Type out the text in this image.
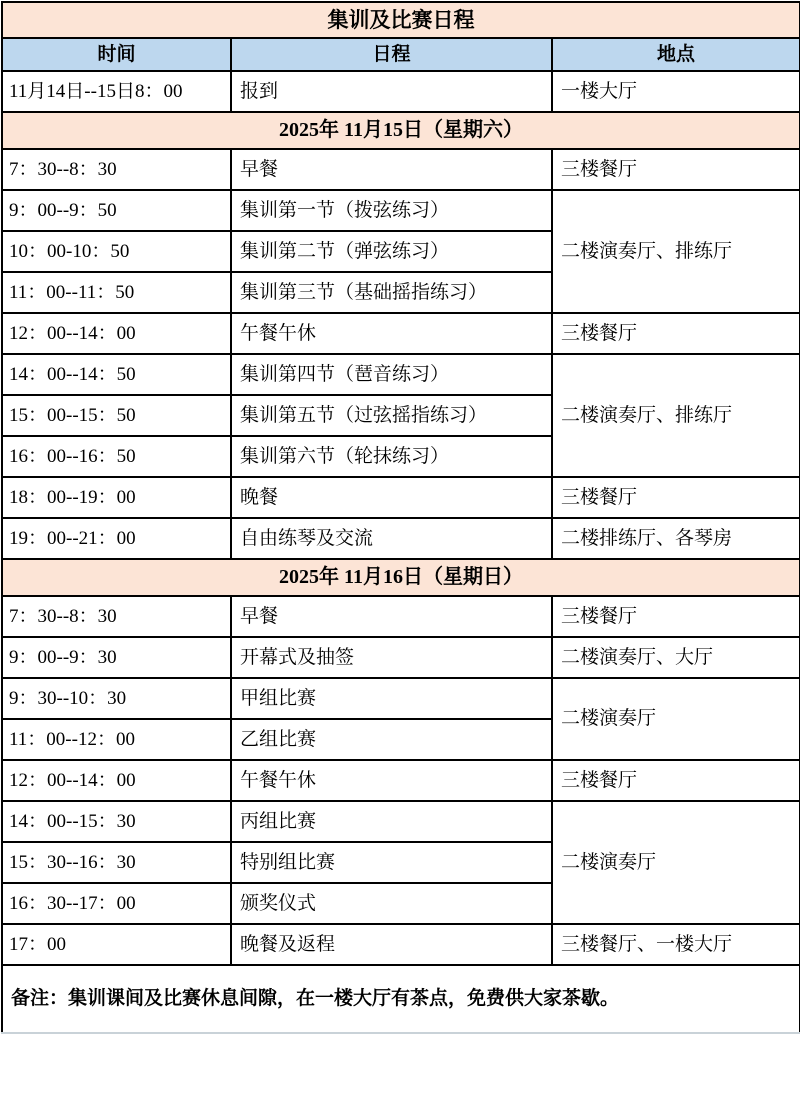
集训及比赛日程		
时间	日程	地点
11月14日--15日8：00	报到	一楼大厅
2025年 11月15日（星期六）		
7：30--8：30	早餐	三楼餐厅
9：00--9：50	集训第一节（拨弦练习）	二楼演奏厅、排练厅
10：00-10：50	集训第二节（弹弦练习）	
11：00--11：50	集训第三节（基础摇指练习）	
12：00--14：00	午餐午休	三楼餐厅
14：00--14：50	集训第四节（琶音练习）	二楼演奏厅、排练厅
15：00--15：50	集训第五节（过弦摇指练习）	
16：00--16：50	集训第六节（轮抹练习）	
18：00--19：00	晚餐	三楼餐厅
19：00--21：00	自由练琴及交流	二楼排练厅、各琴房
2025年 11月16日（星期日）		
7：30--8：30	早餐	三楼餐厅
9：00--9：30	开幕式及抽签	二楼演奏厅、大厅
9：30--10：30	甲组比赛	二楼演奏厅
11：00--12：00	乙组比赛	
12：00--14：00	午餐午休	三楼餐厅
14：00--15：30	丙组比赛	二楼演奏厅
15：30--16：30	特别组比赛	
16：30--17：00	颁奖仪式	
17：00	晚餐及返程	三楼餐厅、一楼大厅
备注：集训课间及比赛休息间隙，在一楼大厅有茶点，免费供大家茶歇。		
